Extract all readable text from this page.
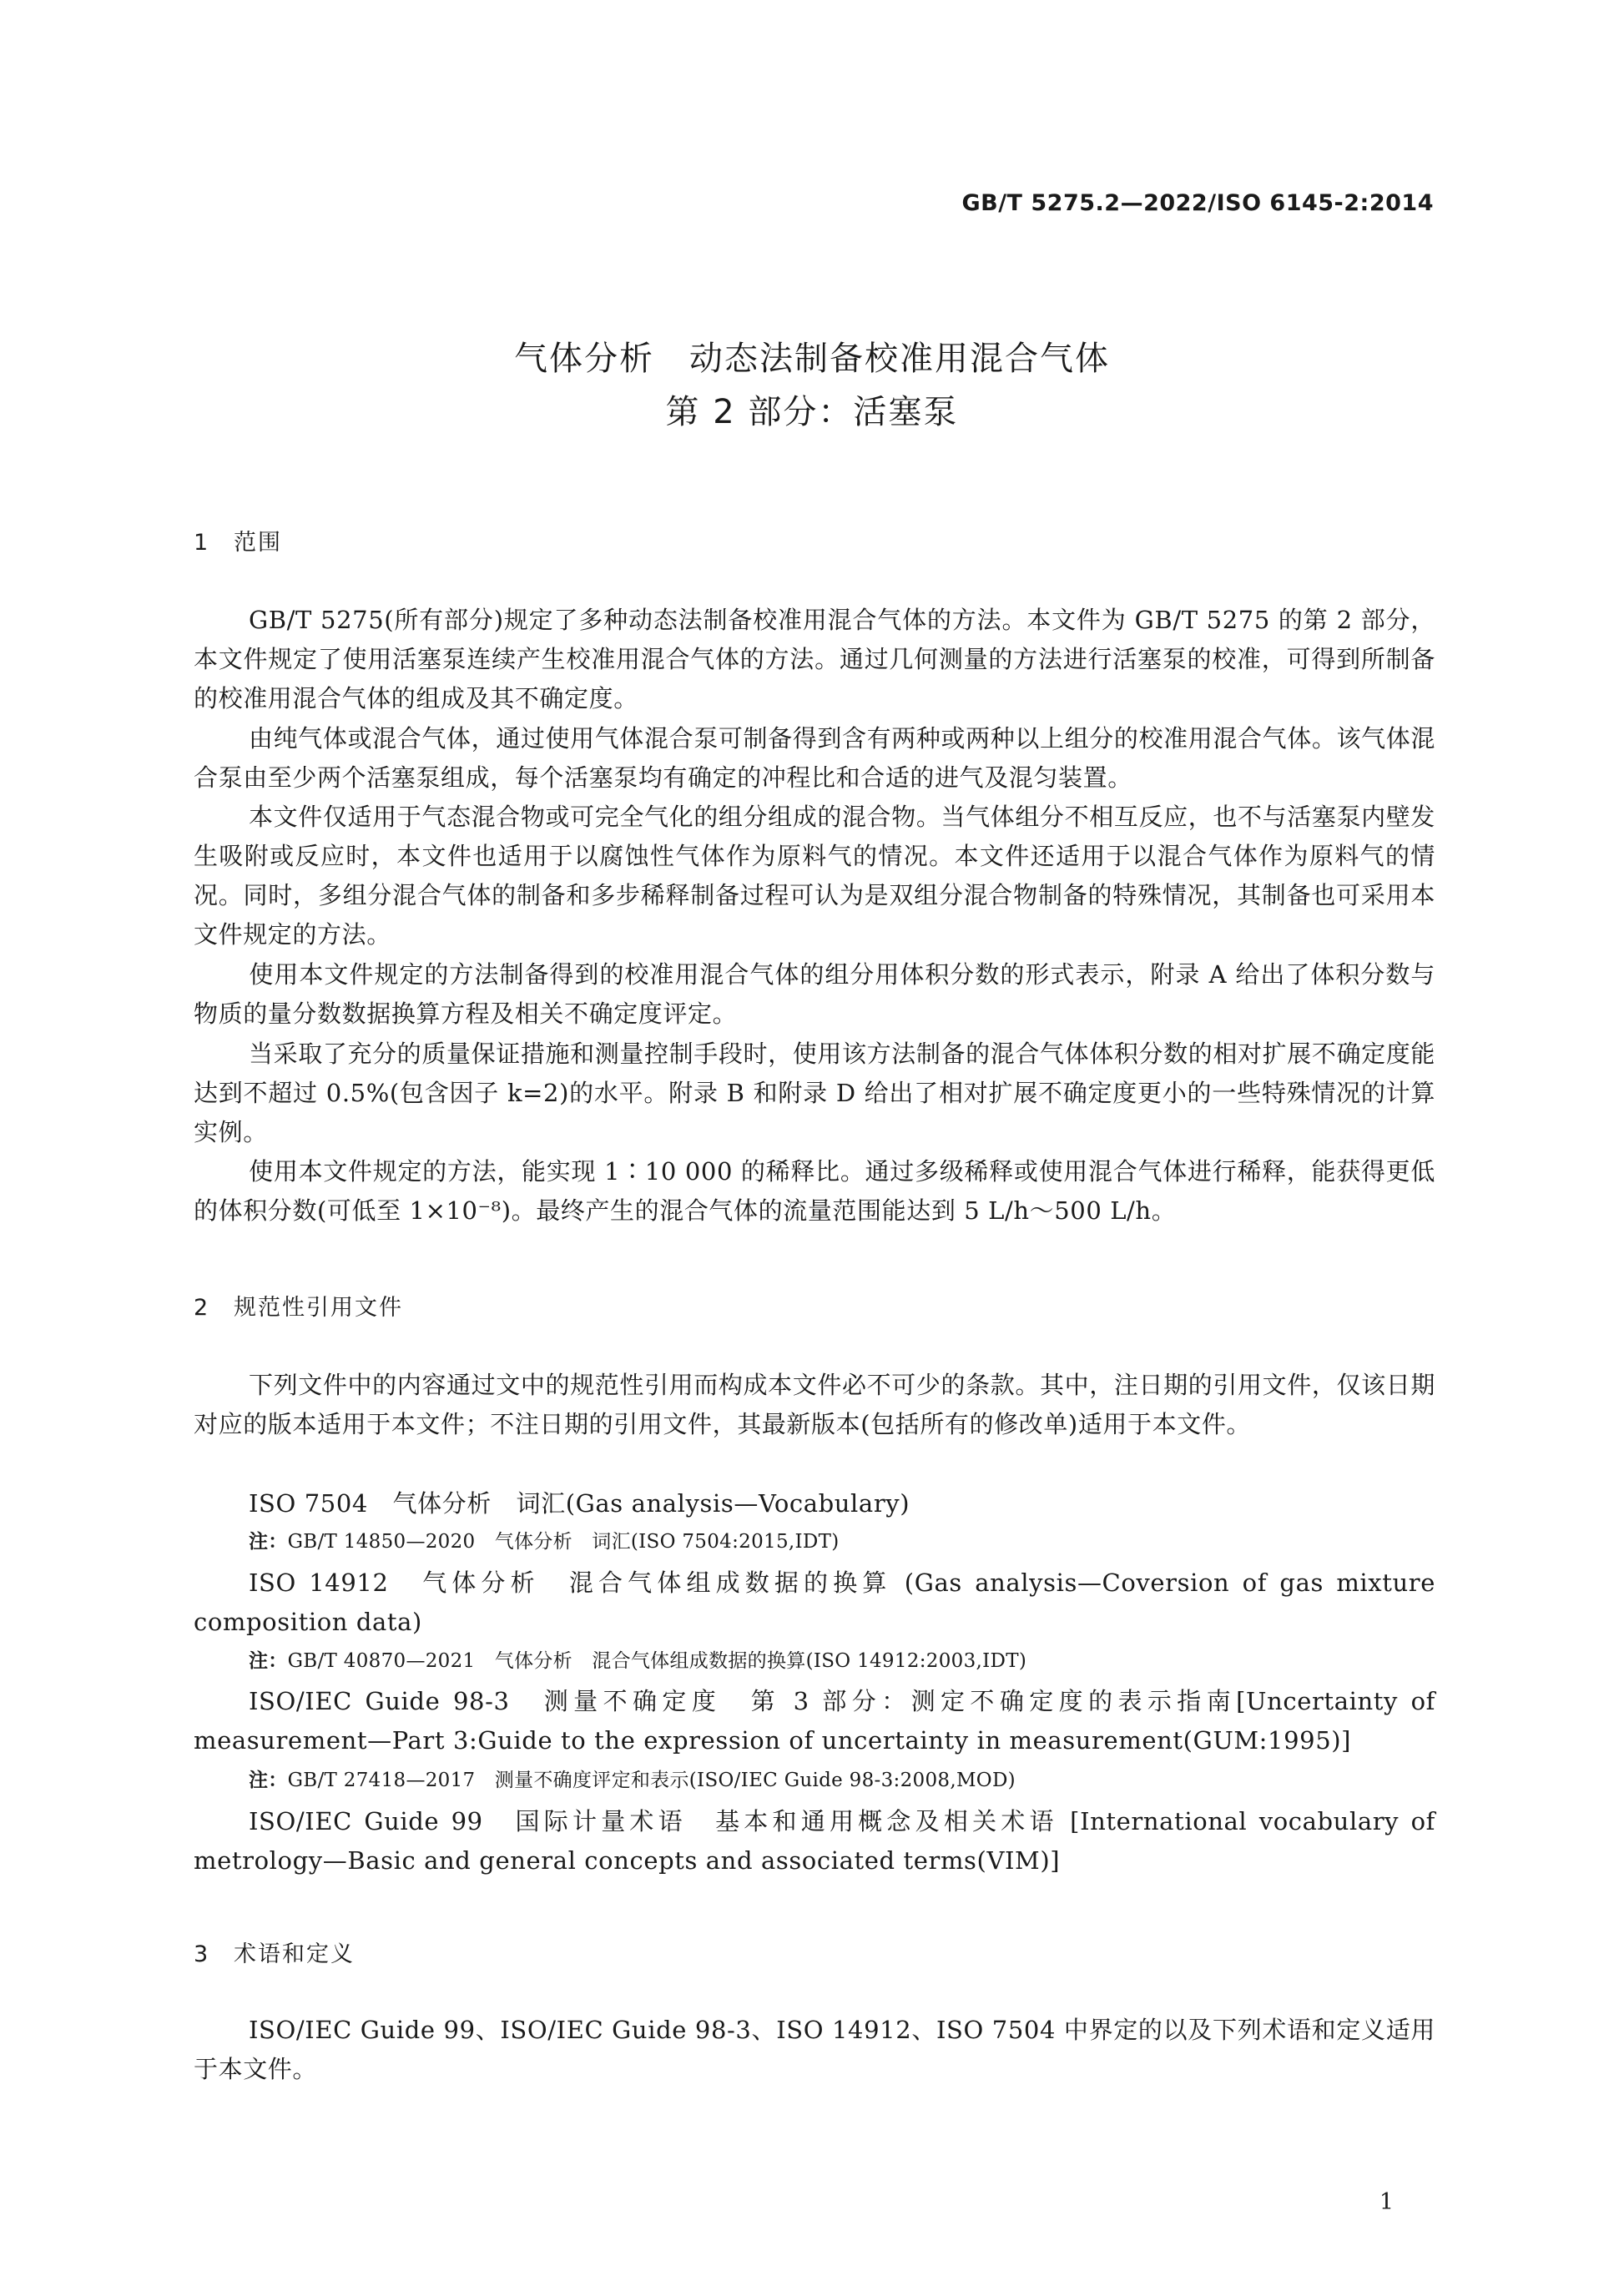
GB/T 5275.2—2022/ISO 6145-2:2014
气体分析　动态法制备校准用混合气体
第 2 部分：活塞泵
1 范围
GB/T 5275(所有部分)规定了多种动态法制备校准用混合气体的方法。本文件为 GB/T 5275 的第 2 部分，本文件规定了使用活塞泵连续产生校准用混合气体的方法。通过几何测量的方法进行活塞泵的校准，可得到所制备的校准用混合气体的组成及其不确定度。
由纯气体或混合气体，通过使用气体混合泵可制备得到含有两种或两种以上组分的校准用混合气体。该气体混合泵由至少两个活塞泵组成，每个活塞泵均有确定的冲程比和合适的进气及混匀装置。
本文件仅适用于气态混合物或可完全气化的组分组成的混合物。当气体组分不相互反应，也不与活塞泵内壁发生吸附或反应时，本文件也适用于以腐蚀性气体作为原料气的情况。本文件还适用于以混合气体作为原料气的情况。同时，多组分混合气体的制备和多步稀释制备过程可认为是双组分混合物制备的特殊情况，其制备也可采用本文件规定的方法。
使用本文件规定的方法制备得到的校准用混合气体的组分用体积分数的形式表示，附录 A 给出了体积分数与物质的量分数数据换算方程及相关不确定度评定。
当采取了充分的质量保证措施和测量控制手段时，使用该方法制备的混合气体体积分数的相对扩展不确定度能达到不超过 0.5%(包含因子 k=2)的水平。附录 B 和附录 D 给出了相对扩展不确定度更小的一些特殊情况的计算实例。
使用本文件规定的方法，能实现 1∶10 000 的稀释比。通过多级稀释或使用混合气体进行稀释，能获得更低的体积分数(可低至 1×10⁻⁸)。最终产生的混合气体的流量范围能达到 5 L/h～500 L/h。
2 规范性引用文件
下列文件中的内容通过文中的规范性引用而构成本文件必不可少的条款。其中，注日期的引用文件，仅该日期对应的版本适用于本文件；不注日期的引用文件，其最新版本(包括所有的修改单)适用于本文件。
ISO 7504　气体分析　词汇(Gas analysis—Vocabulary)
注：GB/T 14850—2020　气体分析　词汇(ISO 7504:2015,IDT)
ISO 14912　气体分析　混合气体组成数据的换算 (Gas analysis—Coversion of gas mixture composition data)
注：GB/T 40870—2021　气体分析　混合气体组成数据的换算(ISO 14912:2003,IDT)
ISO/IEC Guide 98-3　测量不确定度　第 3 部分：测定不确定度的表示指南[Uncertainty of measurement—Part 3:Guide to the expression of uncertainty in measurement(GUM:1995)]
注：GB/T 27418—2017　测量不确度评定和表示(ISO/IEC Guide 98-3:2008,MOD)
ISO/IEC Guide 99　国际计量术语　基本和通用概念及相关术语 [International vocabulary of metrology—Basic and general concepts and associated terms(VIM)]
3 术语和定义
ISO/IEC Guide 99、ISO/IEC Guide 98-3、ISO 14912、ISO 7504 中界定的以及下列术语和定义适用于本文件。
1
